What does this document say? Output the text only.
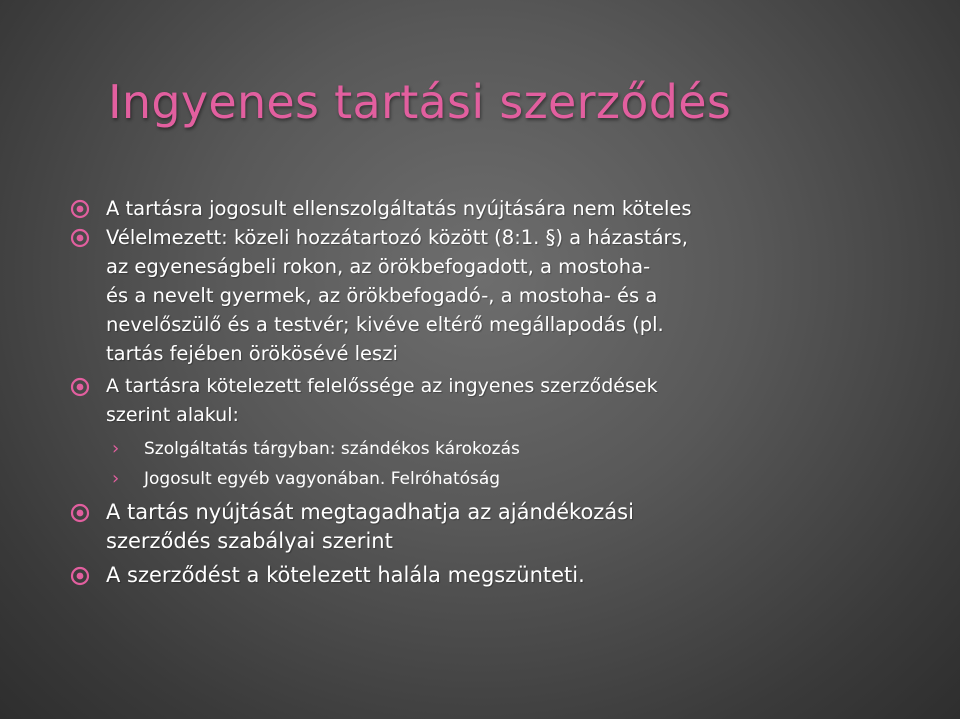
Ingyenes tartási szerződés
A tartásra jogosult ellenszolgáltatás nyújtására nem köteles
Vélelmezett: közeli hozzátartozó között (8:1. §) a házastárs,
az egyeneságbeli rokon, az örökbefogadott, a mostoha-
és a nevelt gyermek, az örökbefogadó-, a mostoha- és a
nevelőszülő és a testvér; kivéve eltérő megállapodás (pl.
tartás fejében örökösévé leszi
A tartásra kötelezett felelőssége az ingyenes szerződések
szerint alakul:
› Szolgáltatás tárgyban: szándékos károkozás
› Jogosult egyéb vagyonában. Felróhatóság
A tartás nyújtását megtagadhatja az ajándékozási
szerződés szabályai szerint
A szerződést a kötelezett halála megszünteti.
